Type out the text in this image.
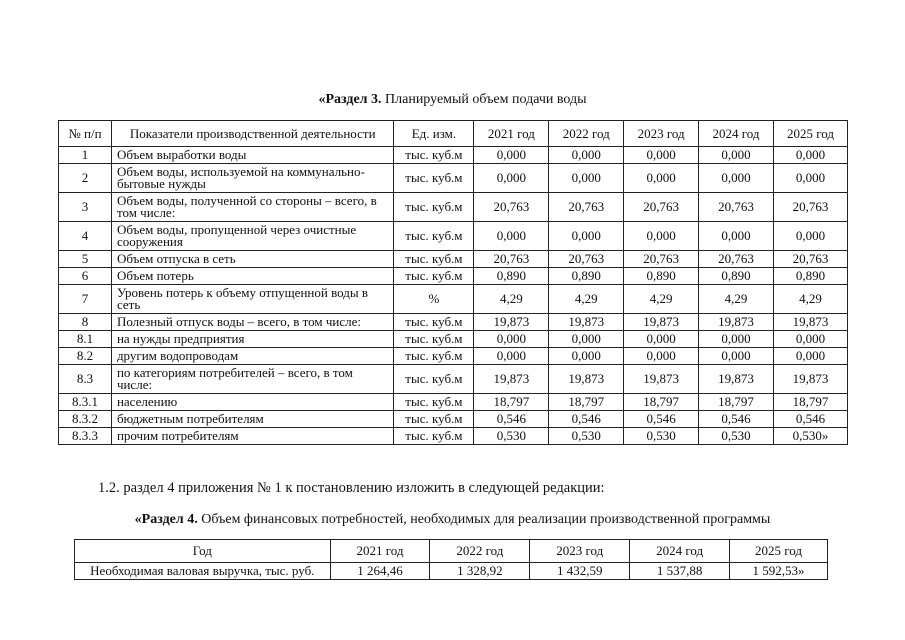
«Раздел 3. Планируемый объем подачи воды
№ п/п	Показатели производственной деятельности	Ед. изм.	2021 год	2022 год	2023 год	2024 год	2025 год
1	Объем выработки воды	тыс. куб.м	0,000	0,000	0,000	0,000	0,000
2	Объем воды, используемой на коммунально-бытовые нужды	тыс. куб.м	0,000	0,000	0,000	0,000	0,000
3	Объем воды, полученной со стороны – всего, в том числе:	тыс. куб.м	20,763	20,763	20,763	20,763	20,763
4	Объем воды, пропущенной через очистные сооружения	тыс. куб.м	0,000	0,000	0,000	0,000	0,000
5	Объем отпуска в сеть	тыс. куб.м	20,763	20,763	20,763	20,763	20,763
6	Объем потерь	тыс. куб.м	0,890	0,890	0,890	0,890	0,890
7	Уровень потерь к объему отпущенной воды в сеть	%	4,29	4,29	4,29	4,29	4,29
8	Полезный отпуск воды – всего, в том числе:	тыс. куб.м	19,873	19,873	19,873	19,873	19,873
8.1	на нужды предприятия	тыс. куб.м	0,000	0,000	0,000	0,000	0,000
8.2	другим водопроводам	тыс. куб.м	0,000	0,000	0,000	0,000	0,000
8.3	по категориям потребителей – всего, в том числе:	тыс. куб.м	19,873	19,873	19,873	19,873	19,873
8.3.1	населению	тыс. куб.м	18,797	18,797	18,797	18,797	18,797
8.3.2	бюджетным потребителям	тыс. куб.м	0,546	0,546	0,546	0,546	0,546
8.3.3	прочим потребителям	тыс. куб.м	0,530	0,530	0,530	0,530	0,530»
1.2. раздел 4 приложения № 1 к постановлению изложить в следующей редакции:
«Раздел 4. Объем финансовых потребностей, необходимых для реализации производственной программы
Год	2021 год	2022 год	2023 год	2024 год	2025 год
Необходимая валовая выручка, тыс. руб.	1 264,46	1 328,92	1 432,59	1 537,88	1 592,53»
